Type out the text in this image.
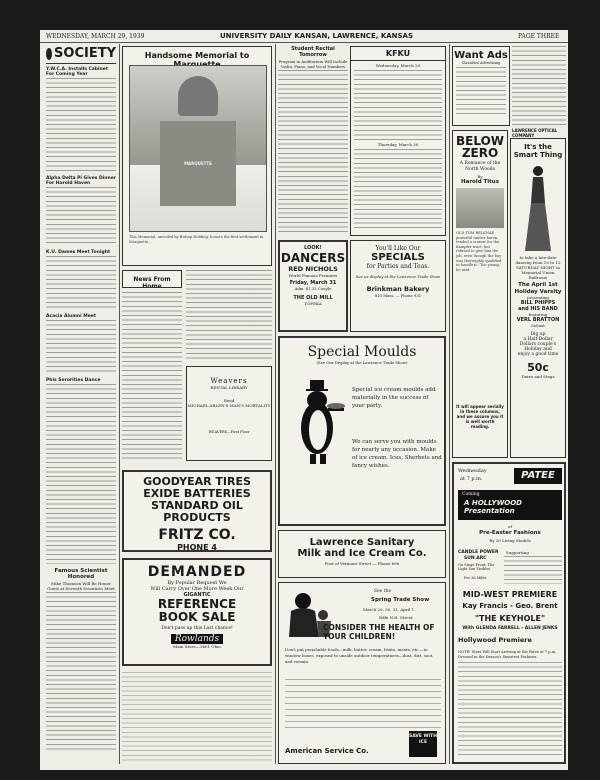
WEDNESDAY, MARCH 29, 1939	UNIVERSITY DAILY KANSAN, LAWRENCE, KANSAS	PAGE THREE
SOCIETY

Y.W.C.A. Installs Cabinet For Coming Year

Alpha Delta Pi Gives Dinner For Harold Haven

K.U. Dames Meet Tonight

Acacia Alumni Meet

Phis Sororities Dance

Famous Scientist Honored

Mike Thomson Will Be Honor Guest at Seventh Scientists Meet

Handsome Memorial to
MARQUETTE
This Memorial, unveiled by Bishop Holding, honors the first settlement in Marquette...
News From Home
Weavers
RENTAL LIBRARY
Read
MICHAEL ARLEN'S MAN'S MORTALITY
WEAVERS—First Floor
GOODYEAR TIRES
EXIDE BATTERIES
STANDARD OIL
PRODUCTS
FRITZ CO.
PHONE 4
DEMANDED
By Popular Request We
Will Carry Over One More Week Our
GIGANTIC
REFERENCE
BOOK SALE
Don't pass up this Last chance!
Rowlands
Main Store—1401 Ohio

Student Recital Tomorrow

Program in Auditorium Will Include Violin, Piano, and Vocal Numbers

KFKU
Wednesday, March 29
Thursday, March 30
LOOK!
DANCERS
RED NICHOLS
World Famous Premiers
Friday, March 31
Adm. $1.25 Couple
THE OLD MILL
TOPEKA
You'll Like Our
SPECIALS
for Parties and Teas.
See us display at the Lawrence Trade Show
Brinkman Bakery
810 Mass. — Phone 931
Special Moulds
(See Our Display at the Lawrence Trade Show)
Special ice cream moulds add materially in the success of your party.
We can serve you with moulds for nearly any occasion. Make of ice cream. Ices, Sherbets and fancy wishes.
Lawrence Sanitary
Milk and Ice Cream Co.
Foot of Vermont Street — Phone 696
See the
Spring Trade Show
March 29, 30, 31, April 1
Bdfe N.H. Street
CONSIDER THE HEALTH OF YOUR CHILDREN!
Don't put perishable foods—milk, butter, cream, fruits, meats, etc.—in window boxes, exposed to unsafe outdoor temperatures—dust, dirt, soot, and vermin.
American Service Co.
SAVE WITH ICE
Want Ads
Classified Advertising
LAWRENCE OPTICAL COMPANY
It's the
Smart Thing
to take a late-date dancing from 10 to 12 SATURDAY NIGHT in Memorial Union Ballroom
The April 1st Holiday Varsity
presenting
BILL PHIPPS
and HIS BAND
featuring
VERL BRATTON
Soloist
Dig up
a Half-Dollar
Dollars couple's
Holiday and
enjoy a good time
50c
Dates and Stags
BELOW
ZERO
A Romance of the North Woods
By
Harold Titus
OLD TOM BELKNAP, powerful timber baron, tended a cruiser for the Kampfer tract, but refused to give him the job, even though the boy was thoroughly qualified to handle it. 'Too young,' he said.
It will appear serially in these columns, and we assure you it is well worth reading.
Wednesday
at 7 p.m.	PATEE
Coming
A HOLLYWOOD Presentation
of
Pre-Easter Fashions
By 20 Living Models
CANDLE POWER
SUN ARC
On Stage Front. The Light Sun Visibles
For 36 Miles
Supporting
MID-WEST PREMIERE
Kay Francis - Geo. Brent
"THE KEYHOLE"
With GLENDA FARRELL - ALLEN JENKS
Hollywood Premiere
NOTE! Stars Will Start Arriving at the Patee at 7 p.m. Dressed in the Season's Smartest Fashions.
